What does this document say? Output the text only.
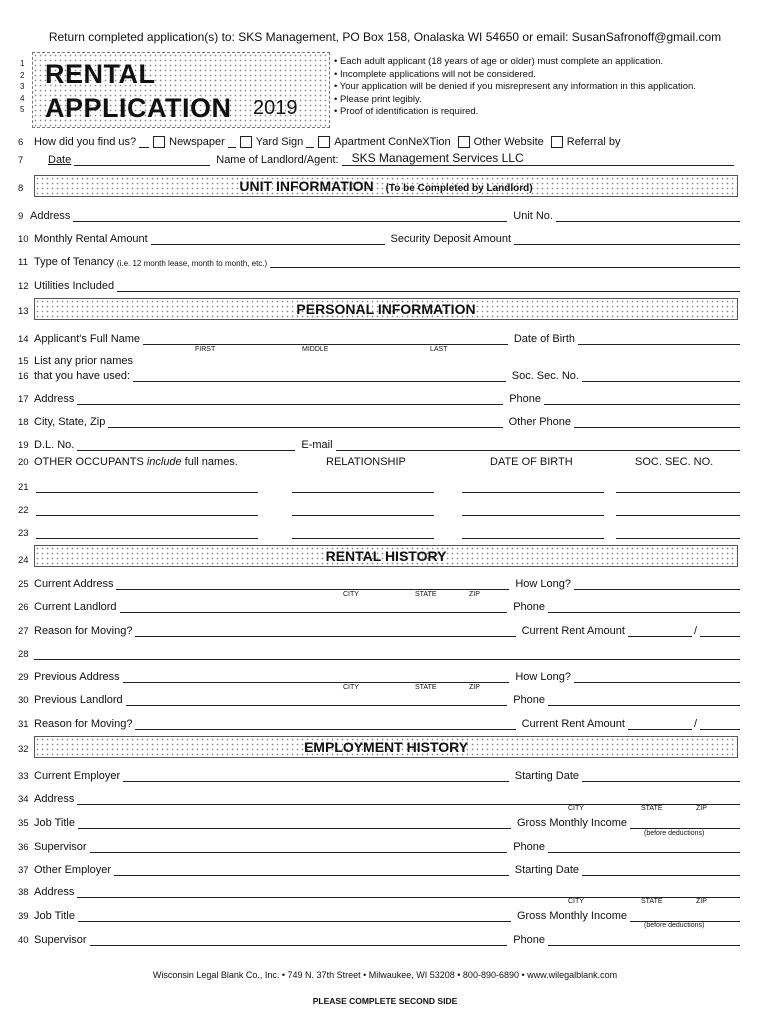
Return completed application(s) to: SKS Management, PO Box 158, Onalaska WI 54650 or email: SusanSafronoff@gmail.com
1
2
3
4
5
RENTAL
APPLICATION 2019
• Each adult applicant (18 years of age or older) must complete an application.
• Incomplete applications will not be considered.
• Your application will be denied if you misrepresent any information in this application.
• Please print legibly.
• Proof of identification is required.
6 How did you find us?	Newspaper	Yard Sign	Apartment ConNeXTion Other Website Referral by
7	Date	Name of Landlord/Agent: SKS Management Services LLC
8	UNIT INFORMATION (To be Completed by Landlord)
9 Address	Unit No.
10 Monthly Rental Amount	Security Deposit Amount
11 Type of Tenancy (i.e. 12 month lease, month to month, etc.)
12 Utilities Included
13	PERSONAL INFORMATION
14 Applicant's Full Name	Date of Birth
FIRST	MIDDLE	LAST
15 List any prior names
16 that you have used:	Soc. Sec. No.
17 Address	Phone
18 City, State, Zip	Other Phone
19 D.L. No.	E-mail
20 OTHER OCCUPANTS include full names.	RELATIONSHIP	DATE OF BIRTH	SOC. SEC. NO.
21
22
23
24	RENTAL HISTORY
25 Current Address	How Long?
CITY	STATE	ZIP
26 Current Landlord	Phone
27 Reason for Moving?	Current Rent Amount	/
28
29 Previous Address	How Long?
CITY	STATE	ZIP
30 Previous Landlord	Phone
31 Reason for Moving?	Current Rent Amount	/
32	EMPLOYMENT HISTORY
33 Current Employer	Starting Date
34 Address
CITY	STATE	ZIP
35 Job Title	Gross Monthly Income
(before deductions)
36 Supervisor	Phone
37 Other Employer	Starting Date
38 Address
CITY	STATE	ZIP
39 Job Title	Gross Monthly Income
(before deductions)
40 Supervisor	Phone
Wisconsin Legal Blank Co., Inc. • 749 N. 37th Street • Milwaukee, WI 53208 • 800-890-6890 • www.wilegalblank.com
PLEASE COMPLETE SECOND SIDE
